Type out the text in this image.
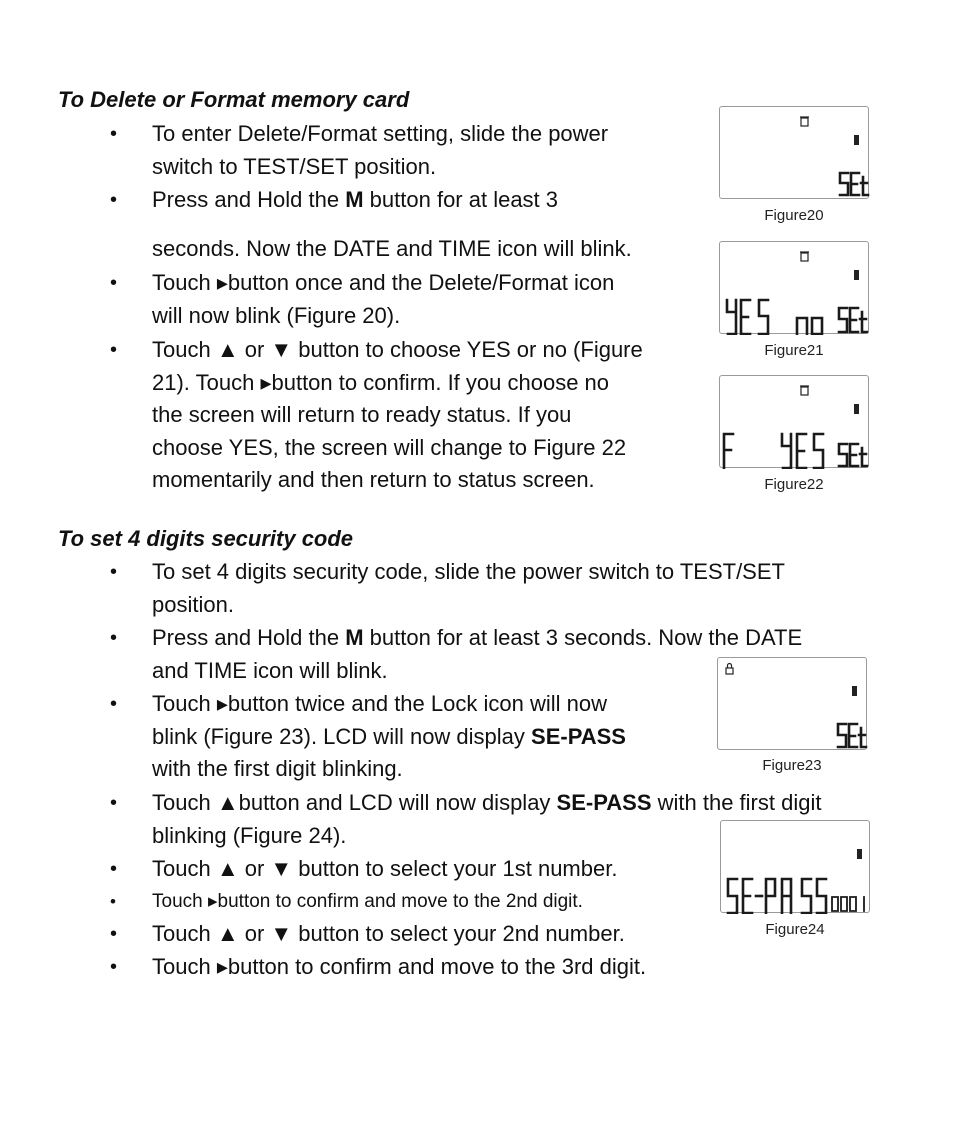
To Delete or Format memory card
• To enter Delete/Format setting, slide the power
switch to TEST/SET position.
• Press and Hold the M button for at least 3
seconds. Now the DATE and TIME icon will blink.
• Touch ▸button once and the Delete/Format icon
will now blink (Figure 20).
• Touch ▲ or ▼ button to choose YES or no (Figure
21). Touch ▸button to confirm. If you choose no
the screen will return to ready status. If you
choose YES, the screen will change to Figure 22
momentarily and then return to status screen.
Figure20
Figure21
Figure22
To set 4 digits security code
• To set 4 digits security code, slide the power switch to TEST/SET
position.
• Press and Hold the M button for at least 3 seconds. Now the DATE
and TIME icon will blink.
• Touch ▸button twice and the Lock icon will now
blink (Figure 23). LCD will now display SE-PASS
with the first digit blinking.
• Touch ▲button and LCD will now display SE-PASS with the first digit
blinking (Figure 24).
• Touch ▲ or ▼ button to select your 1st number.
• Touch ▸button to confirm and move to the 2nd digit.
• Touch ▲ or ▼ button to select your 2nd number.
• Touch ▸button to confirm and move to the 3rd digit.
Figure23
Figure24
